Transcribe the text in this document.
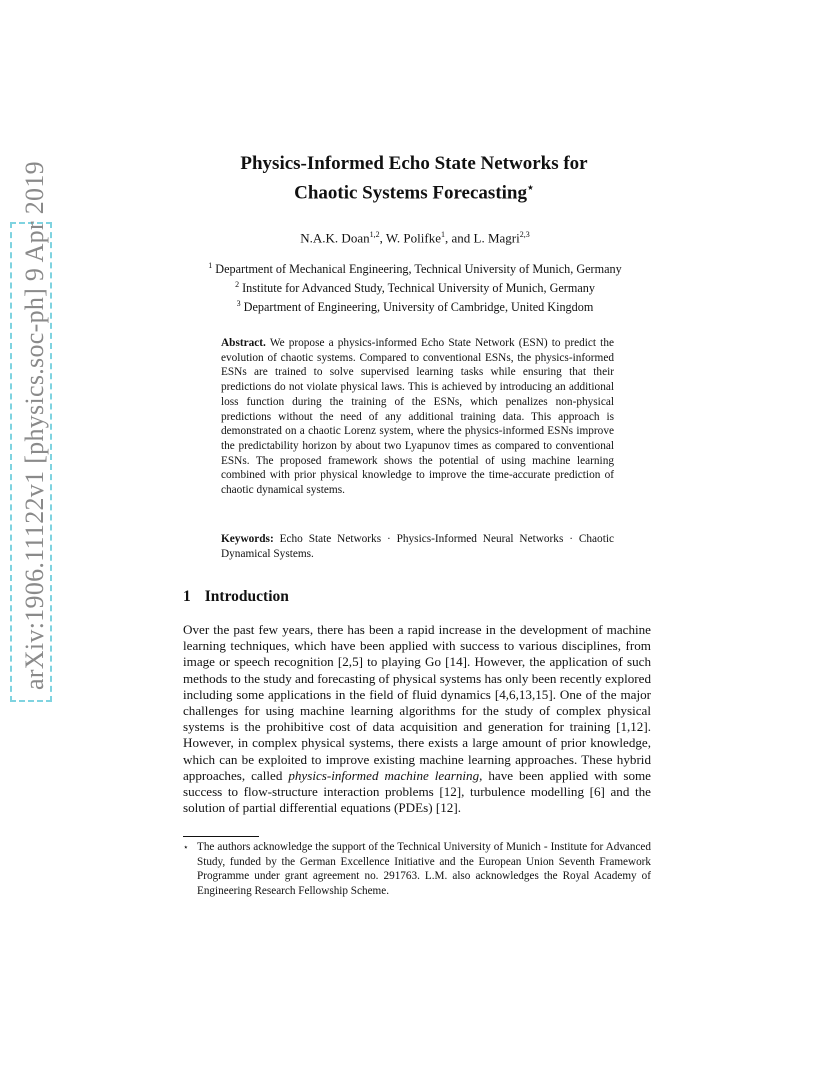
arXiv:1906.11122v1 [physics.soc-ph] 9 Apr 2019	Physics-Informed Echo State Networks for
Chaotic Systems Forecasting⋆
N.A.K. Doan$^{1,2}$, W. Polifke$^1$, and L. Magri$^{2,3}$
$^1$ Department of Mechanical Engineering, Technical University of Munich, Germany
$^2$ Institute for Advanced Study, Technical University of Munich, Germany
$^3$ Department of Engineering, University of Cambridge, United Kingdom
Abstract. We propose a physics-informed Echo State Network (ESN) to predict the evolution of chaotic systems. Compared to conventional ESNs, the physics-informed ESNs are trained to solve supervised learning tasks while ensuring that their predictions do not violate physical laws. This is achieved by introducing an additional loss function during the training of the ESNs, which penalizes non-physical predictions without the need of any additional training data. This approach is demonstrated on a chaotic Lorenz system, where the physics-informed ESNs improve the predictability horizon by about two Lyapunov times as compared to conventional ESNs. The proposed framework shows the potential of using machine learning combined with prior physical knowledge to improve the time-accurate prediction of chaotic dynamical systems.
Keywords: Echo State Networks · Physics-Informed Neural Networks · Chaotic Dynamical Systems.
1 Introduction
Over the past few years, there has been a rapid increase in the development of machine learning techniques, which have been applied with success to various disciplines, from image or speech recognition [2,5] to playing Go [14]. However, the application of such methods to the study and forecasting of physical systems has only been recently explored including some applications in the field of fluid dynamics [4,6,13,15]. One of the major challenges for using machine learning algorithms for the study of complex physical systems is the prohibitive cost of data acquisition and generation for training [1,12]. However, in complex physical systems, there exists a large amount of prior knowledge, which can be exploited to improve existing machine learning approaches. These hybrid approaches, called physics-informed machine learning, have been applied with some success to flow-structure interaction problems [12], turbulence modelling [6] and the solution of partial differential equations (PDEs) [12].
⋆ The authors acknowledge the support of the Technical University of Munich - Institute for Advanced Study, funded by the German Excellence Initiative and the European Union Seventh Framework Programme under grant agreement no. 291763. L.M. also acknowledges the Royal Academy of Engineering Research Fellowship Scheme.
